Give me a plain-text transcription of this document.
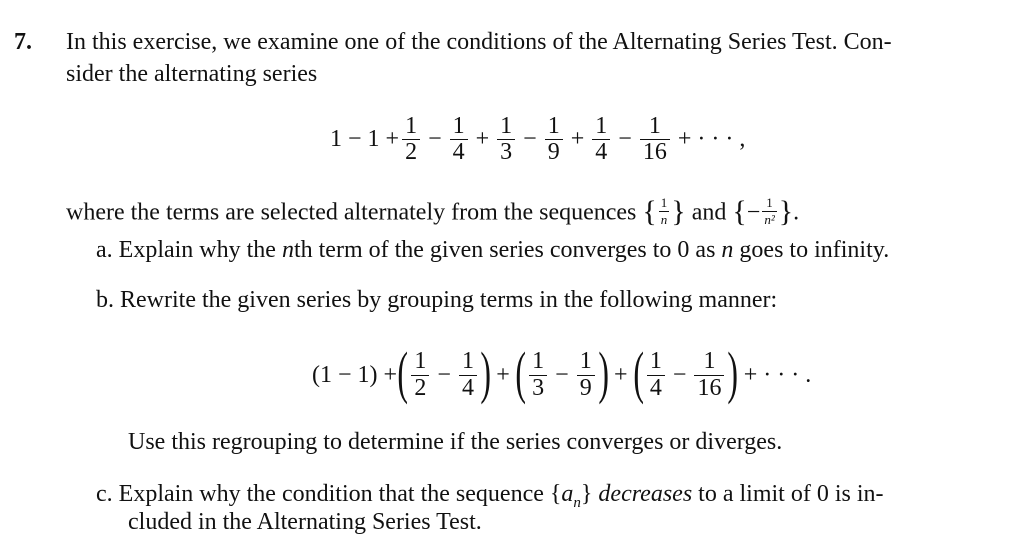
7. In this exercise, we examine one of the conditions of the Alternating Series Test. Con-
sider the alternating series
$1 - 1 + \frac{1}{2} - \frac{1}{4} + \frac{1}{3} - \frac{1}{9} + \frac{1}{4} - \frac{1}{16}$ + · · · ,
where the terms are selected alternately from the sequences { $\frac{1}{n}$ } and {− $\frac{1}{\text{n²}}$ }.
a. Explain why the nth term of the given series converges to 0 as n goes to infinity.
b. Rewrite the given series by grouping terms in the following manner:
(1 − 1) + ( $\frac{1}{2} - \frac{1}{4}$ ) + ( $\frac{1}{3} - \frac{1}{9}$ ) + ( $\frac{1}{4} - \frac{1}{16}$ ) + · · · .
Use this regrouping to determine if the series converges or diverges.
c. Explain why the condition that the sequence $\{a_n\}$ decreases to a limit of 0 is in-
cluded in the Alternating Series Test.
